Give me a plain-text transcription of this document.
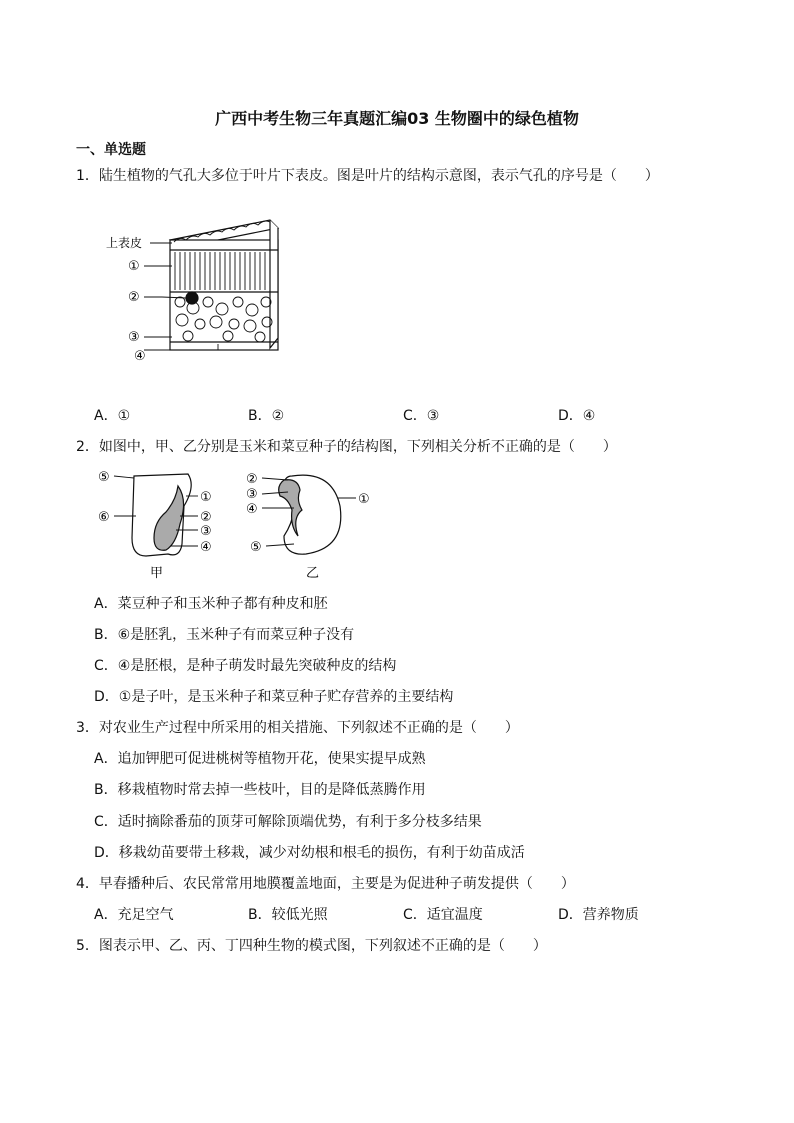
广西中考生物三年真题汇编03 生物圈中的绿色植物
一、单选题
1．陆生植物的气孔大多位于叶片下表皮。图是叶片的结构示意图，表示气孔的序号是（　　）
上表皮
①
②
③
④
A．①	B．②	C．③	D．④
2．如图中，甲、乙分别是玉米和菜豆种子的结构图，下列相关分析不正确的是（　　）
⑤
⑥
①
②
③
④
甲
②
③
④
①
⑤
乙
A．菜豆种子和玉米种子都有种皮和胚
B．⑥是胚乳，玉米种子有而菜豆种子没有
C．④是胚根，是种子萌发时最先突破种皮的结构
D．①是子叶，是玉米种子和菜豆种子贮存营养的主要结构
3．对农业生产过程中所采用的相关措施、下列叙述不正确的是（　　）
A．追加钾肥可促进桃树等植物开花，使果实提早成熟
B．移栽植物时常去掉一些枝叶，目的是降低蒸腾作用
C．适时摘除番茄的顶芽可解除顶端优势，有利于多分枝多结果
D．移栽幼苗要带土移栽，减少对幼根和根毛的损伤，有利于幼苗成活
4．早春播种后、农民常常用地膜覆盖地面，主要是为促进种子萌发提供（　　）
A．充足空气	B．较低光照	C．适宜温度	D．营养物质
5．图表示甲、乙、丙、丁四种生物的模式图，下列叙述不正确的是（　　）
